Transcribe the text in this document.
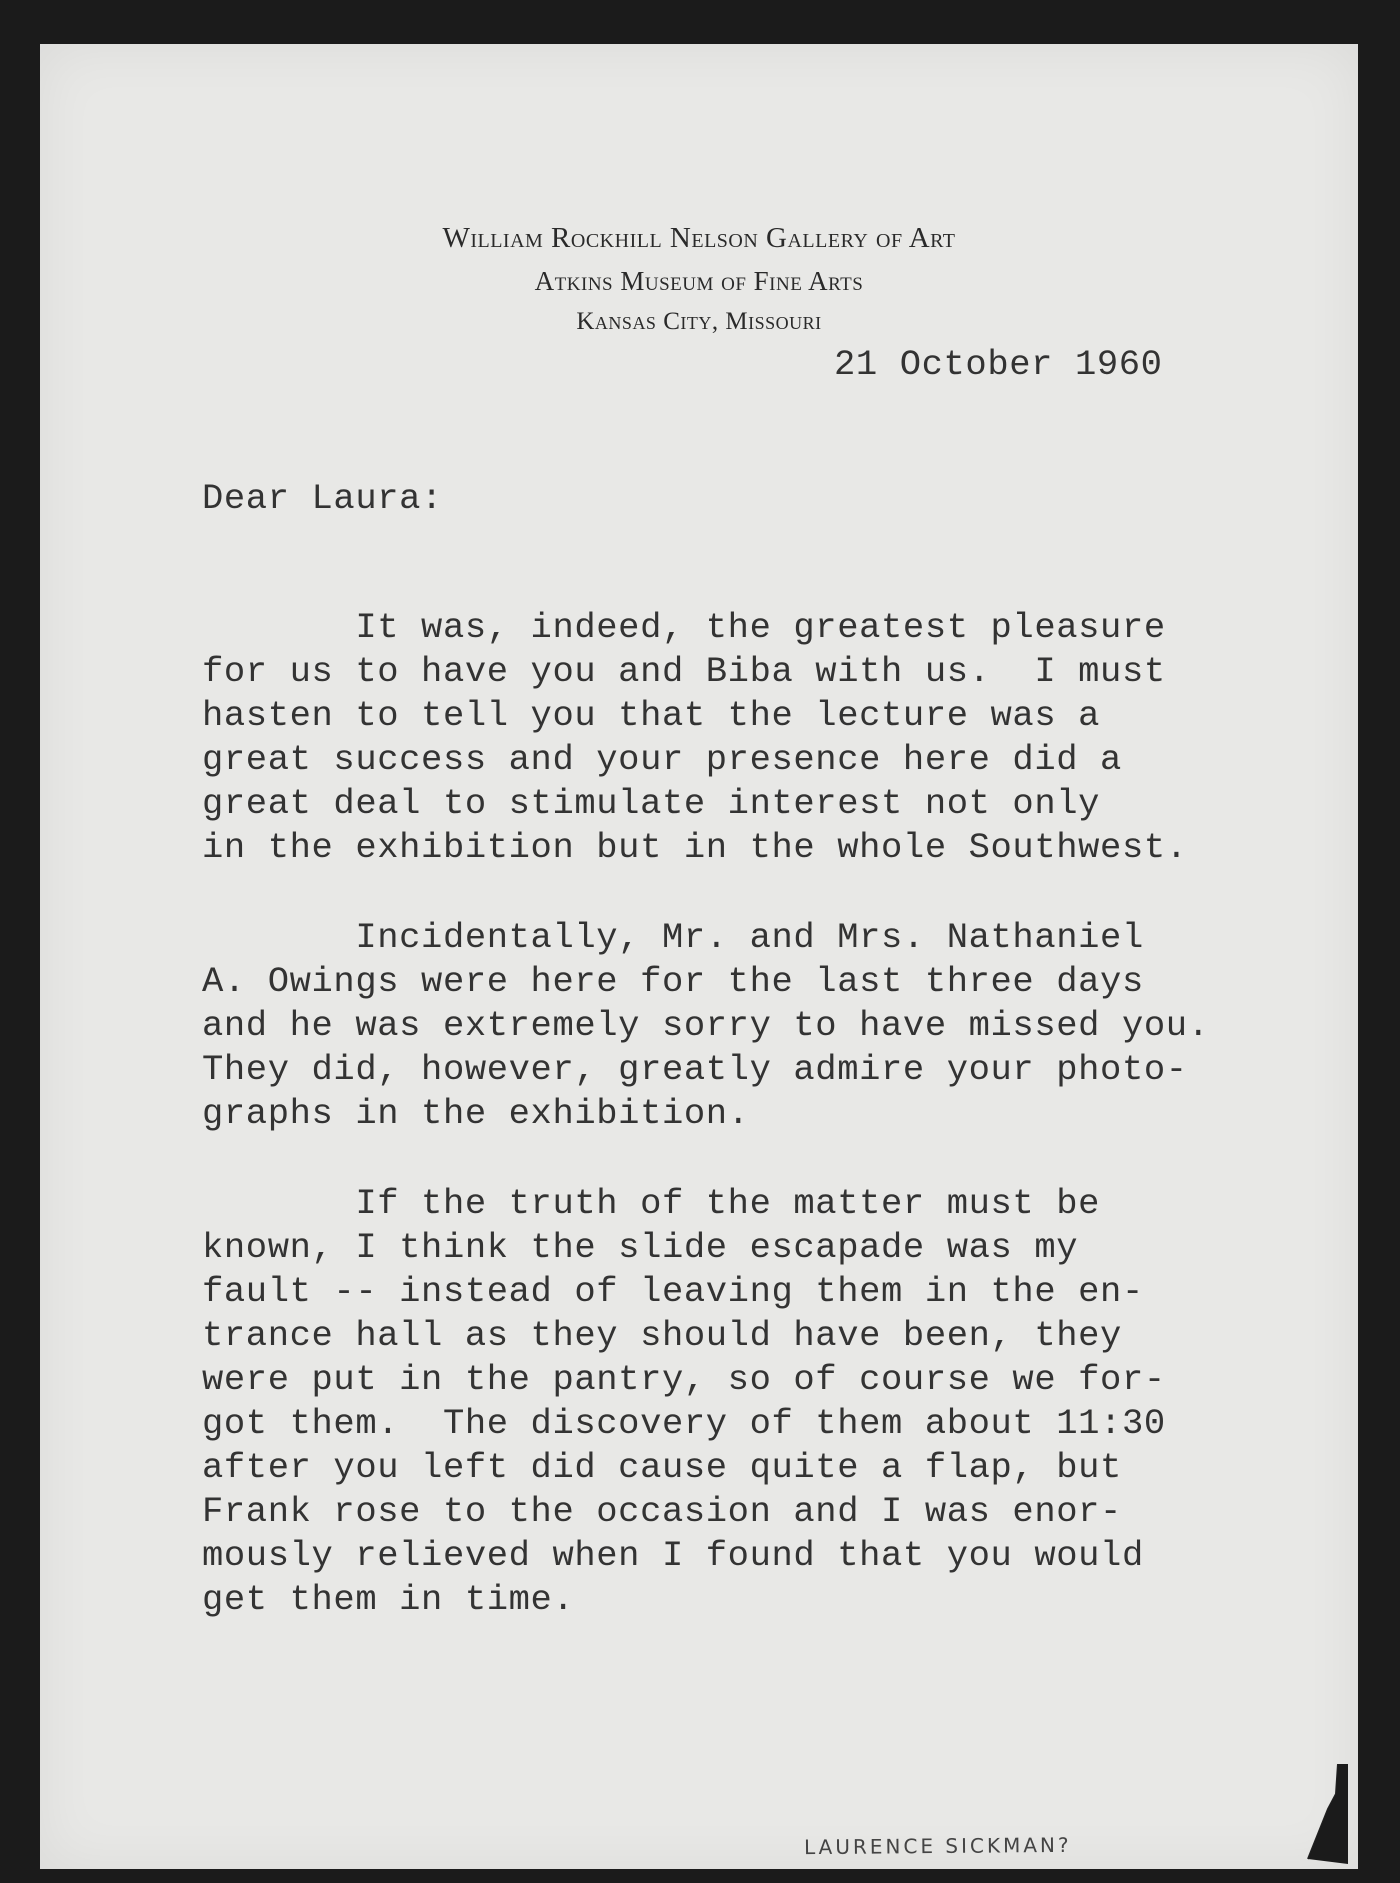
William Rockhill Nelson Gallery of Art
Atkins Museum of Fine Arts
Kansas City, Missouri
21 October 1960
Dear Laura:
It was, indeed, the greatest pleasure
for us to have you and Biba with us.  I must
hasten to tell you that the lecture was a
great success and your presence here did a
great deal to stimulate interest not only
in the exhibition but in the whole Southwest.
Incidentally, Mr. and Mrs. Nathaniel
A. Owings were here for the last three days
and he was extremely sorry to have missed you.
They did, however, greatly admire your photo-
graphs in the exhibition.
If the truth of the matter must be
known, I think the slide escapade was my
fault -- instead of leaving them in the en-
trance hall as they should have been, they
were put in the pantry, so of course we for-
got them.  The discovery of them about 11:30
after you left did cause quite a flap, but
Frank rose to the occasion and I was enor-
mously relieved when I found that you would
get them in time.
LAURENCE SICKMAN?
